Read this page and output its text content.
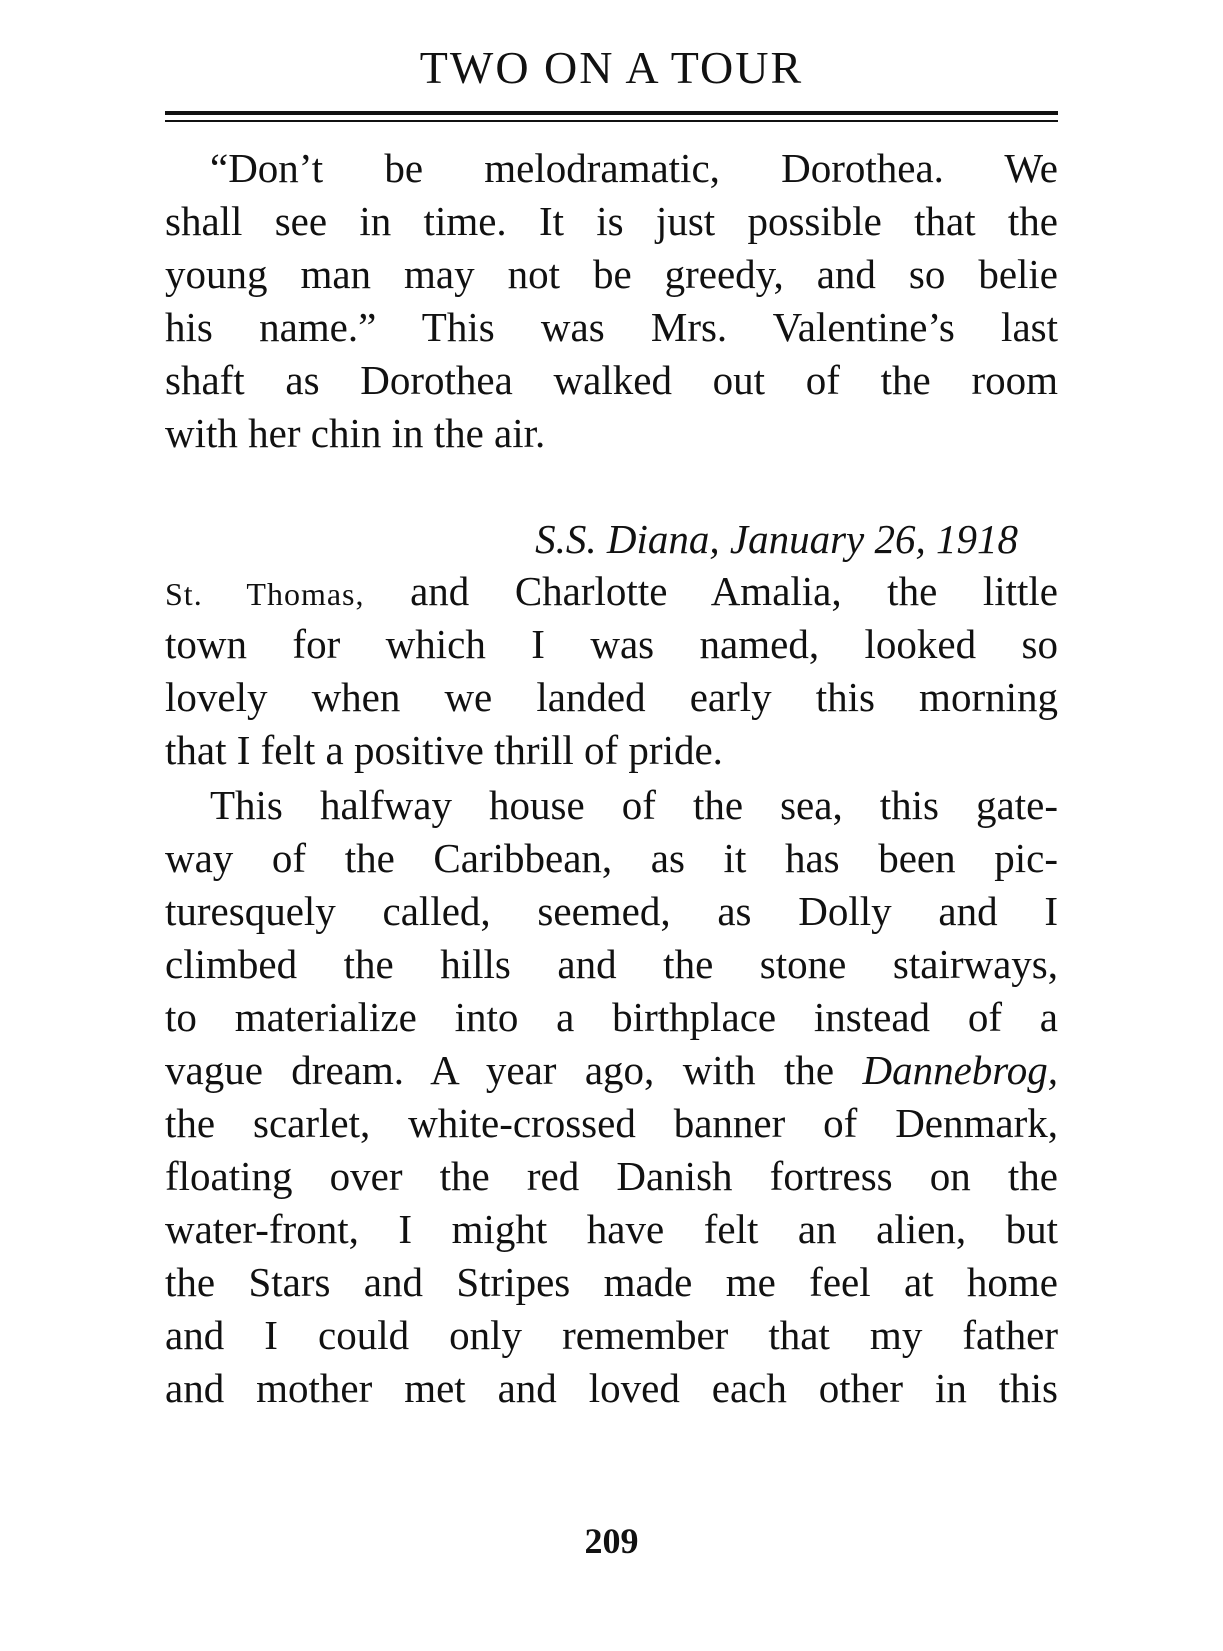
TWO ON A TOUR
“Don’t be melodramatic, Dorothea. We
shall see in time. It is just possible that the
young man may not be greedy, and so belie
his name.” This was Mrs. Valentine’s last
shaft as Dorothea walked out of the room
with her chin in the air.
S.S. Diana, January 26, 1918
St. Thomas, and Charlotte Amalia, the little
town for which I was named, looked so
lovely when we landed early this morning
that I felt a positive thrill of pride.
This halfway house of the sea, this gate-
way of the Caribbean, as it has been pic-
turesquely called, seemed, as Dolly and I
climbed the hills and the stone stairways,
to materialize into a birthplace instead of a
vague dream. A year ago, with the Dannebrog,
the scarlet, white-crossed banner of Denmark,
floating over the red Danish fortress on the
water-front, I might have felt an alien, but
the Stars and Stripes made me feel at home
and I could only remember that my father
and mother met and loved each other in this
209
